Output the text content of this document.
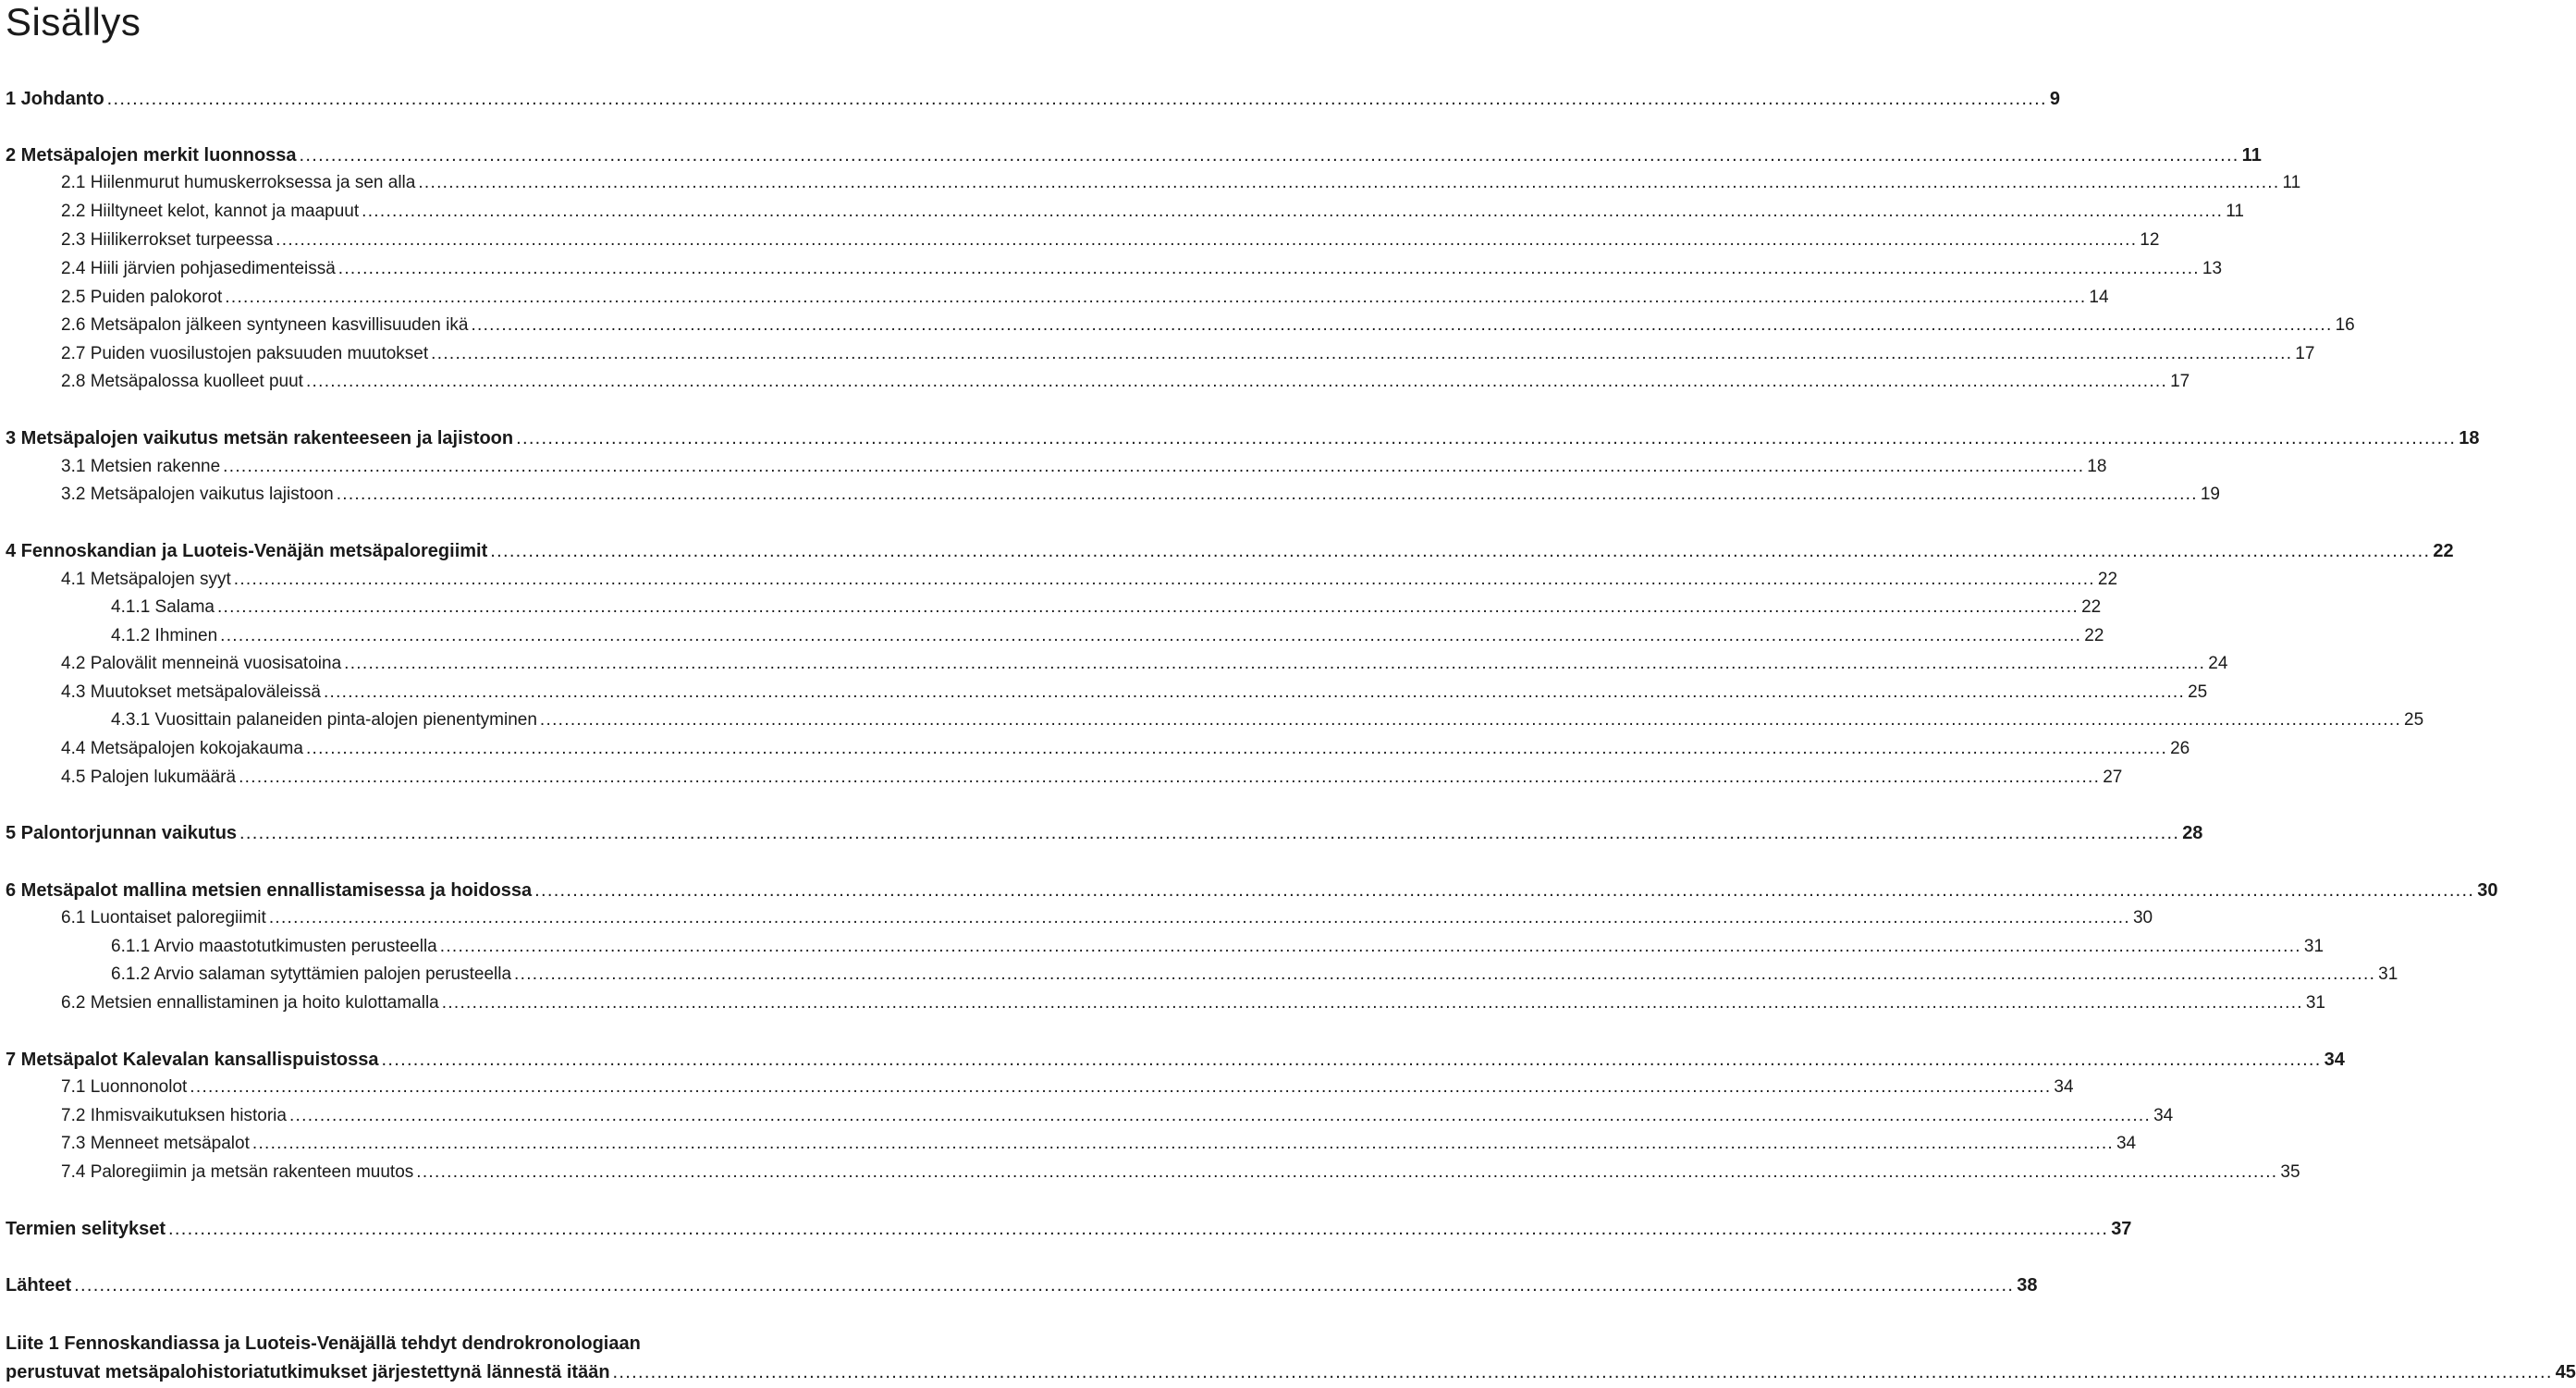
Sisällys
1 Johdanto .................................................................................................................................................................................................................................................................................................................. 9
2 Metsäpalojen merkit luonnossa .................................................................................................................................................................................................................................................................................................................. 11
2.1 Hiilenmurut humuskerroksessa ja sen alla .................................................................................................................................................................................................................................................................................................................. 11
2.2 Hiiltyneet kelot, kannot ja maapuut .................................................................................................................................................................................................................................................................................................................. 11
2.3 Hiilikerrokset turpeessa .................................................................................................................................................................................................................................................................................................................. 12
2.4 Hiili järvien pohjasedimenteissä .................................................................................................................................................................................................................................................................................................................. 13
2.5 Puiden palokorot .................................................................................................................................................................................................................................................................................................................. 14
2.6 Metsäpalon jälkeen syntyneen kasvillisuuden ikä .................................................................................................................................................................................................................................................................................................................. 16
2.7 Puiden vuosilustojen paksuuden muutokset .................................................................................................................................................................................................................................................................................................................. 17
2.8 Metsäpalossa kuolleet puut .................................................................................................................................................................................................................................................................................................................. 17
3 Metsäpalojen vaikutus metsän rakenteeseen ja lajistoon .................................................................................................................................................................................................................................................................................................................. 18
3.1 Metsien rakenne .................................................................................................................................................................................................................................................................................................................. 18
3.2 Metsäpalojen vaikutus lajistoon .................................................................................................................................................................................................................................................................................................................. 19
4 Fennoskandian ja Luoteis-Venäjän metsäpaloregiimit .................................................................................................................................................................................................................................................................................................................. 22
4.1 Metsäpalojen syyt .................................................................................................................................................................................................................................................................................................................. 22
4.1.1 Salama .................................................................................................................................................................................................................................................................................................................. 22
4.1.2 Ihminen .................................................................................................................................................................................................................................................................................................................. 22
4.2 Palovälit menneinä vuosisatoina .................................................................................................................................................................................................................................................................................................................. 24
4.3 Muutokset metsäpaloväleissä .................................................................................................................................................................................................................................................................................................................. 25
4.3.1 Vuosittain palaneiden pinta-alojen pienentyminen .................................................................................................................................................................................................................................................................................................................. 25
4.4 Metsäpalojen kokojakauma .................................................................................................................................................................................................................................................................................................................. 26
4.5 Palojen lukumäärä .................................................................................................................................................................................................................................................................................................................. 27
5 Palontorjunnan vaikutus .................................................................................................................................................................................................................................................................................................................. 28
6 Metsäpalot mallina metsien ennallistamisessa ja hoidossa .................................................................................................................................................................................................................................................................................................................. 30
6.1 Luontaiset paloregiimit .................................................................................................................................................................................................................................................................................................................. 30
6.1.1 Arvio maastotutkimusten perusteella .................................................................................................................................................................................................................................................................................................................. 31
6.1.2 Arvio salaman sytyttämien palojen perusteella .................................................................................................................................................................................................................................................................................................................. 31
6.2 Metsien ennallistaminen ja hoito kulottamalla .................................................................................................................................................................................................................................................................................................................. 31
7 Metsäpalot Kalevalan kansallispuistossa .................................................................................................................................................................................................................................................................................................................. 34
7.1 Luonnonolot .................................................................................................................................................................................................................................................................................................................. 34
7.2 Ihmisvaikutuksen historia .................................................................................................................................................................................................................................................................................................................. 34
7.3 Menneet metsäpalot .................................................................................................................................................................................................................................................................................................................. 34
7.4 Paloregiimin ja metsän rakenteen muutos .................................................................................................................................................................................................................................................................................................................. 35
Termien selitykset .................................................................................................................................................................................................................................................................................................................. 37
Lähteet .................................................................................................................................................................................................................................................................................................................. 38
Liite 1 Fennoskandiassa ja Luoteis-Venäjällä tehdyt dendrokronologiaan
perustuvat metsäpalohistoriatutkimukset järjestettynä lännestä itään .................................................................................................................................................................................................................................................................................................................. 45
